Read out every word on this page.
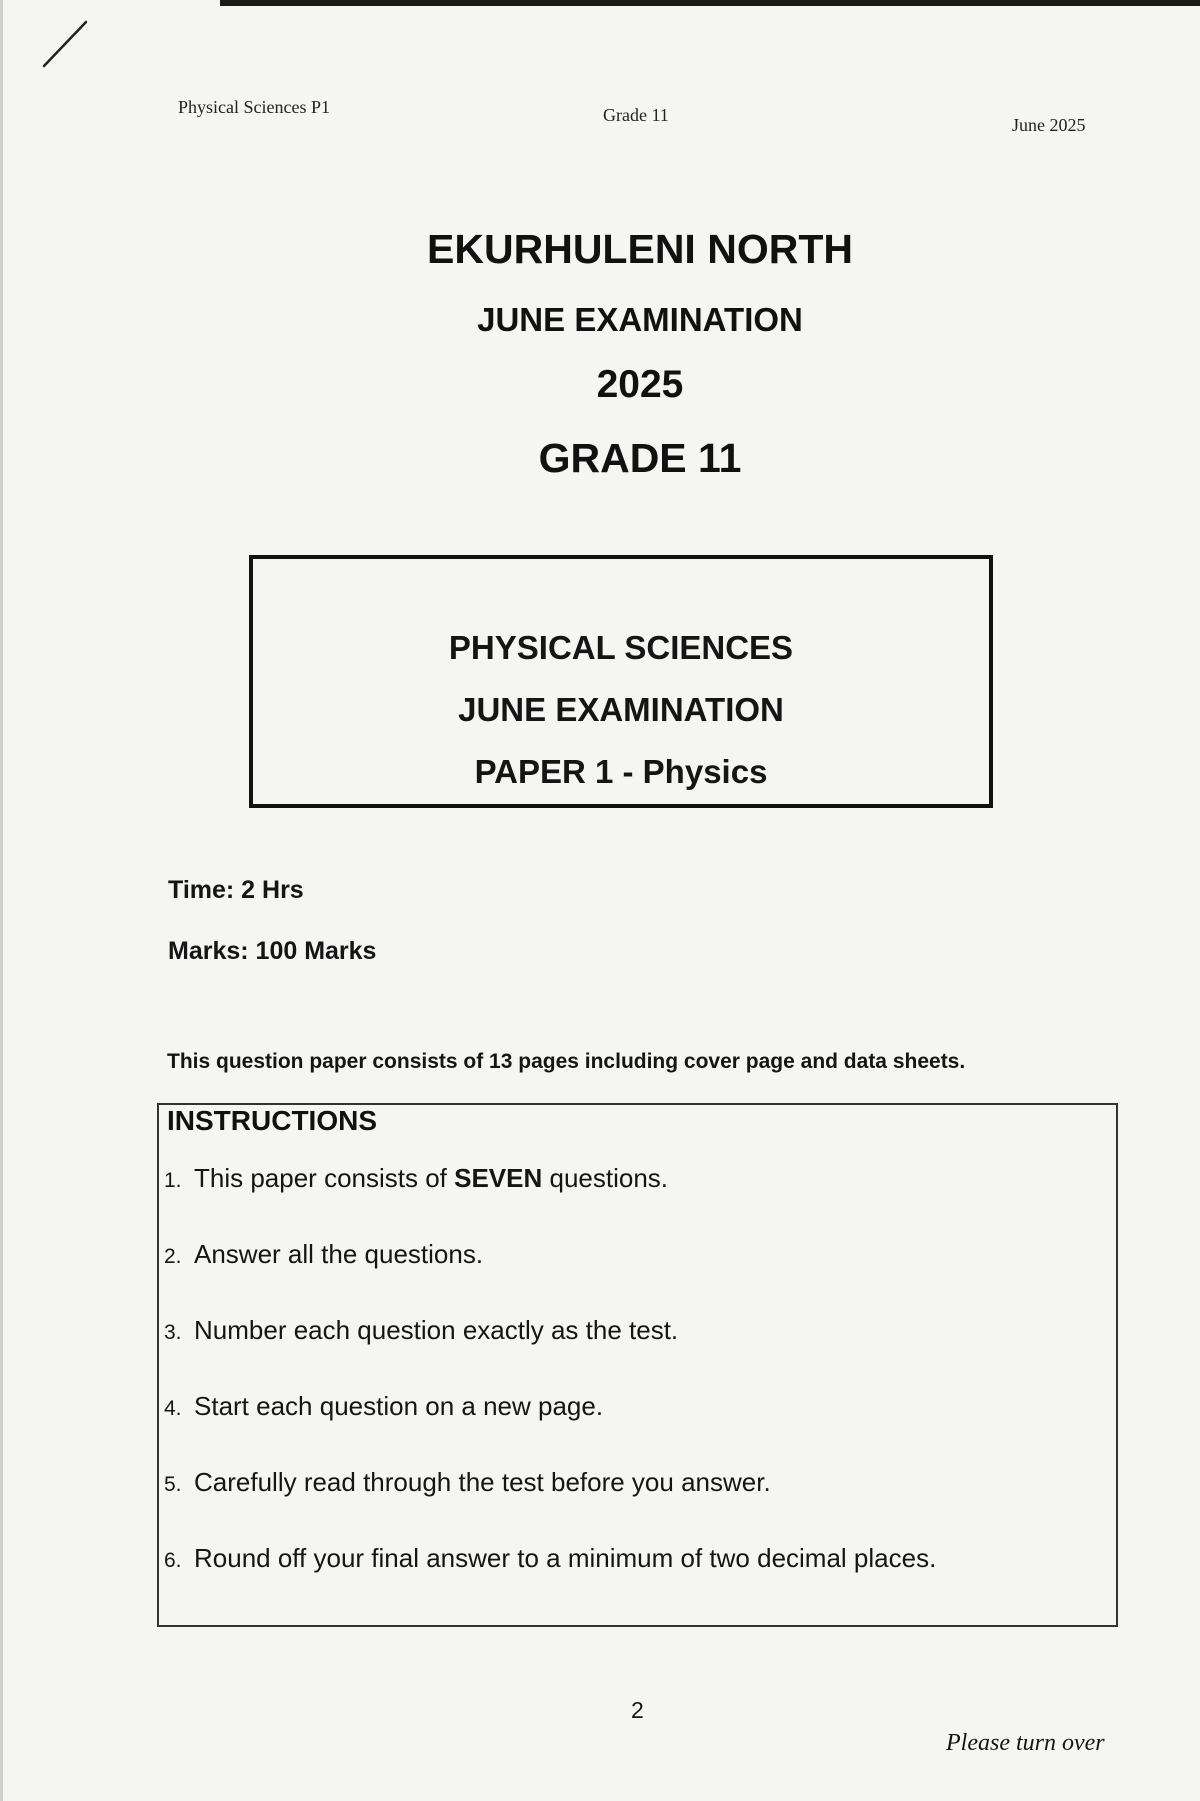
Physical Sciences P1	Grade 11	June 2025
EKURHULENI NORTH
JUNE EXAMINATION
2025
GRADE 11
PHYSICAL SCIENCES
JUNE EXAMINATION
PAPER 1 - Physics
Time: 2 Hrs
Marks: 100 Marks
This question paper consists of 13 pages including cover page and data sheets.
INSTRUCTIONS
1. This paper consists of SEVEN questions.
2. Answer all the questions.
3. Number each question exactly as the test.
4. Start each question on a new page.
5. Carefully read through the test before you answer.
6. Round off your final answer to a minimum of two decimal places.
2
Please turn over
